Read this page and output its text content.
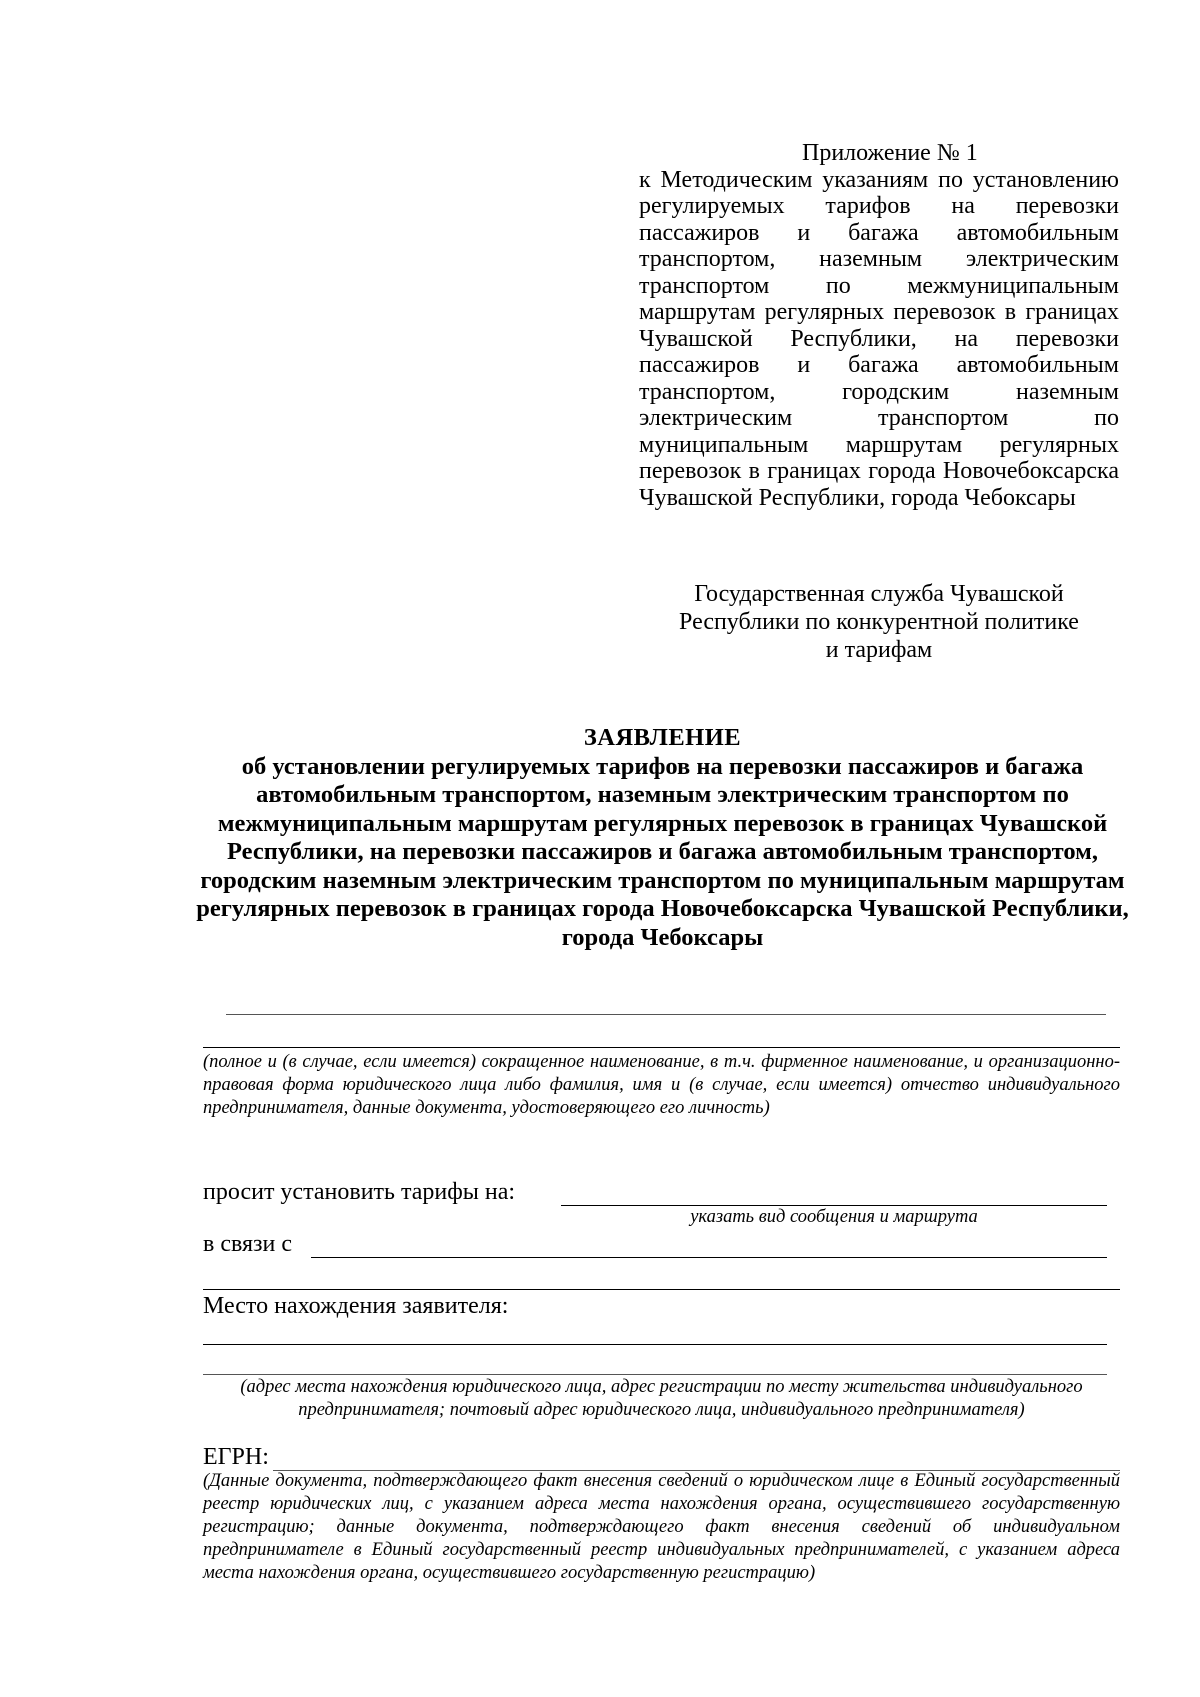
Приложение № 1
к Методическим указаниям по установлению регулируемых тарифов на перевозки пассажиров и багажа автомобильным транспортом, наземным электрическим транспортом по межмуниципальным маршрутам регулярных перевозок в границах Чувашской Республики, на перевозки пассажиров и багажа автомобильным транспортом, городским наземным электрическим транспортом по муниципальным маршрутам регулярных перевозок в границах города Новочебоксарска Чувашской Республики, города Чебоксары
Государственная служба Чувашской
Республики по конкурентной политике
и тарифам
ЗАЯВЛЕНИЕ
об установлении регулируемых тарифов на перевозки пассажиров и багажа автомобильным транспортом, наземным электрическим транспортом по межмуниципальным маршрутам регулярных перевозок в границах Чувашской Республики, на перевозки пассажиров и багажа автомобильным транспортом, городским наземным электрическим транспортом по муниципальным маршрутам регулярных перевозок в границах города Новочебоксарска Чувашской Республики, города Чебоксары
(полное и (в случае, если имеется) сокращенное наименование, в т.ч. фирменное наименование, и организационно-правовая форма юридического лица либо фамилия, имя и (в случае, если имеется) отчество индивидуального предпринимателя, данные документа, удостоверяющего его личность)
просит установить тарифы на:
указать вид сообщения и маршрута
в связи с
Место нахождения заявителя:
(адрес места нахождения юридического лица, адрес регистрации по месту жительства индивидуального предпринимателя; почтовый адрес юридического лица, индивидуального предпринимателя)
ЕГРН:
(Данные документа, подтверждающего факт внесения сведений о юридическом лице в Единый государственный реестр юридических лиц, с указанием адреса места нахождения органа, осуществившего государственную регистрацию; данные документа, подтверждающего факт внесения сведений об индивидуальном предпринимателе в Единый государственный реестр индивидуальных предпринимателей, с указанием адреса места нахождения органа, осуществившего государственную регистрацию)
